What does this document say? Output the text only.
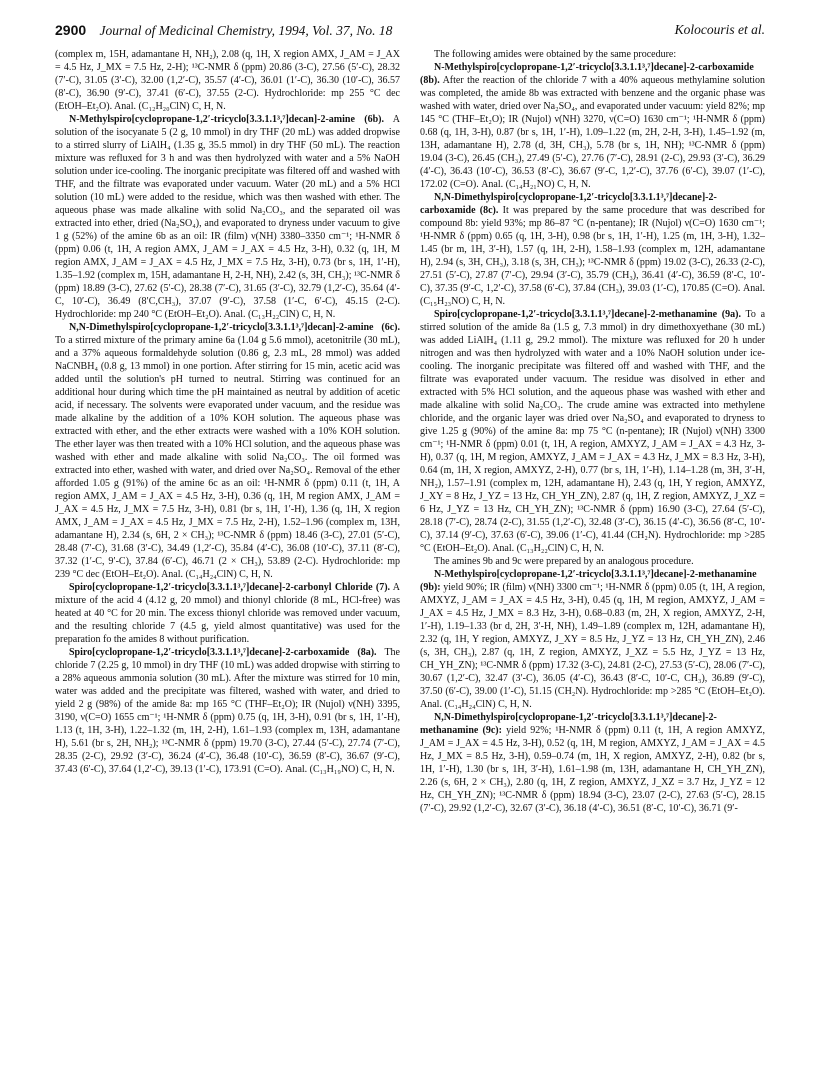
2900 Journal of Medicinal Chemistry, 1994, Vol. 37, No. 18	Kolocouris et al.

(complex m, 15H, adamantane H, NH₂), 2.08 (q, 1H, X region AMX, J_AM = J_AX = 4.5 Hz, J_MX = 7.5 Hz, 2-H); ¹³C-NMR δ (ppm) 20.86 (3-C), 27.56 (5′-C), 28.32 (7′-C), 31.05 (3′-C), 32.00 (1,2′-C), 35.57 (4′-C), 36.01 (1′-C), 36.30 (10′-C), 36.57 (8′-C), 36.90 (9′-C), 37.41 (6′-C), 37.55 (2-C). Hydrochloride: mp 255 °C dec (EtOH–Et₂O). Anal. (C₁₂H₂₀ClN) C, H, N.

N-Methylspiro[cyclopropane-1,2′-tricyclo[3.3.1.1³,⁷]decan]-2-amine (6b). A solution of the isocyanate 5 (2 g, 10 mmol) in dry THF (20 mL) was added dropwise to a stirred slurry of LiAlH₄ (1.35 g, 35.5 mmol) in dry THF (50 mL). The reaction mixture was refluxed for 3 h and was then hydrolyzed with water and a 5% NaOH solution under ice-cooling. The inorganic precipitate was filtered off and washed with THF, and the filtrate was evaporated under vacuum. Water (20 mL) and a 5% HCl solution (10 mL) were added to the residue, which was then washed with ether. The aqueous phase was made alkaline with solid Na₂CO₃, and the separated oil was extracted into ether, dried (Na₂SO₄), and evaporated to dryness under vacuum to give 1 g (52%) of the amine 6b as an oil: IR (film) ν(NH) 3380–3350 cm⁻¹; ¹H-NMR δ (ppm) 0.06 (t, 1H, A region AMX, J_AM = J_AX = 4.5 Hz, 3-H), 0.32 (q, 1H, M region AMX, J_AM = J_AX = 4.5 Hz, J_MX = 7.5 Hz, 3-H), 0.73 (br s, 1H, 1′-H), 1.35–1.92 (complex m, 15H, adamantane H, 2-H, NH), 2.42 (s, 3H, CH₃); ¹³C-NMR δ (ppm) 18.89 (3-C), 27.62 (5′-C), 28.38 (7′-C), 31.65 (3′-C), 32.79 (1,2′-C), 35.64 (4′-C, 10′-C), 36.49 (8′C,CH₃), 37.07 (9′-C), 37.58 (1′-C, 6′-C), 45.15 (2-C). Hydrochloride: mp 240 °C (EtOH–Et₂O). Anal. (C₁₃H₂₂ClN) C, H, N.

N,N-Dimethylspiro[cyclopropane-1,2′-tricyclo[3.3.1.1³,⁷]decan]-2-amine (6c). To a stirred mixture of the primary amine 6a (1.04 g 5.6 mmol), acetonitrile (30 mL), and a 37% aqueous formaldehyde solution (0.86 g, 2.3 mL, 28 mmol) was added NaCNBH₄ (0.8 g, 13 mmol) in one portion. After stirring for 15 min, acetic acid was added until the solution's pH turned to neutral. Stirring was continued for an additional hour during which time the pH maintained as neutral by addition of acetic acid, if necessary. The solvents were evaporated under vacuum, and the residue was made alkaline by the addition of a 10% KOH solution. The aqueous phase was extracted with ether, and the ether extracts were washed with a 10% KOH solution. The ether layer was then treated with a 10% HCl solution, and the aqueous phase was washed with ether and made alkaline with solid Na₂CO₃. The oil formed was extracted into ether, washed with water, and dried over Na₂SO₄. Removal of the ether afforded 1.05 g (91%) of the amine 6c as an oil: ¹H-NMR δ (ppm) 0.11 (t, 1H, A region AMX, J_AM = J_AX = 4.5 Hz, 3-H), 0.36 (q, 1H, M region AMX, J_AM = J_AX = 4.5 Hz, J_MX = 7.5 Hz, 3-H), 0.81 (br s, 1H, 1′-H), 1.36 (q, 1H, X region AMX, J_AM = J_AX = 4.5 Hz, J_MX = 7.5 Hz, 2-H), 1.52–1.96 (complex m, 13H, adamantane H), 2.34 (s, 6H, 2 × CH₃); ¹³C-NMR δ (ppm) 18.46 (3-C), 27.01 (5′-C), 28.48 (7′-C), 31.68 (3′-C), 34.49 (1,2′-C), 35.84 (4′-C), 36.08 (10′-C), 37.11 (8′-C), 37.32 (1′-C, 9′-C), 37.84 (6′-C), 46.71 (2 × CH₃), 53.89 (2-C). Hydrochloride: mp 239 °C dec (EtOH–Et₂O). Anal. (C₁₄H₂₄ClN) C, H, N.

Spiro[cyclopropane-1,2′-tricyclo[3.3.1.1³,⁷]decane]-2-carbonyl Chloride (7). A mixture of the acid 4 (4.12 g, 20 mmol) and thionyl chloride (8 mL, HCl-free) was heated at 40 °C for 20 min. The excess thionyl chloride was removed under vacuum, and the resulting chloride 7 (4.5 g, yield almost quantitative) was used for the preparation fo the amides 8 without purification.

Spiro[cyclopropane-1,2′-tricyclo[3.3.1.1³,⁷]decane]-2-carboxamide (8a). The chloride 7 (2.25 g, 10 mmol) in dry THF (10 mL) was added dropwise with stirring to a 28% aqueous ammonia solution (30 mL). After the mixture was stirred for 10 min, water was added and the precipitate was filtered, washed with water, and dried to yield 2 g (98%) of the amide 8a: mp 165 °C (THF–Et₂O); IR (Nujol) ν(NH) 3395, 3190, ν(C=O) 1655 cm⁻¹; ¹H-NMR δ (ppm) 0.75 (q, 1H, 3-H), 0.91 (br s, 1H, 1′-H), 1.13 (t, 1H, 3-H), 1.22–1.32 (m, 1H, 2-H), 1.61–1.93 (complex m, 13H, adamantane H), 5.61 (br s, 2H, NH₂); ¹³C-NMR δ (ppm) 19.70 (3-C), 27.44 (5′-C), 27.74 (7′-C), 28.35 (2-C), 29.92 (3′-C), 36.24 (4′-C), 36.48 (10′-C), 36.59 (8′-C), 36.67 (9′-C), 37.43 (6′-C), 37.64 (1,2′-C), 39.13 (1′-C), 173.91 (C=O). Anal. (C₁₃H₁₉NO) C, H, N.

The following amides were obtained by the same procedure:

N-Methylspiro[cyclopropane-1,2′-tricyclo[3.3.1.1³,⁷]decane]-2-carboxamide (8b). After the reaction of the chloride 7 with a 40% aqueous methylamine solution was completed, the amide 8b was extracted with benzene and the organic phase was washed with water, dried over Na₂SO₄, and evaporated under vacuum: yield 82%; mp 145 °C (THF–Et₂O); IR (Nujol) ν(NH) 3270, ν(C=O) 1630 cm⁻¹; ¹H-NMR δ (ppm) 0.68 (q, 1H, 3-H), 0.87 (br s, 1H, 1′-H), 1.09–1.22 (m, 2H, 2-H, 3-H), 1.45–1.92 (m, 13H, adamantane H), 2.78 (d, 3H, CH₃), 5.78 (br s, 1H, NH); ¹³C-NMR δ (ppm) 19.04 (3-C), 26.45 (CH₃), 27.49 (5′-C), 27.76 (7′-C), 28.91 (2-C), 29.93 (3′-C), 36.29 (4′-C), 36.43 (10′-C), 36.53 (8′-C), 36.67 (9′-C, 1,2′-C), 37.76 (6′-C), 39.07 (1′-C), 172.02 (C=O). Anal. (C₁₄H₂₁NO) C, H, N.

N,N-Dimethylspiro[cyclopropane-1,2′-tricyclo[3.3.1.1³,⁷]decane]-2-carboxamide (8c). It was prepared by the same procedure that was described for compound 8b: yield 93%; mp 86–87 °C (n-pentane); IR (Nujol) ν(C=O) 1630 cm⁻¹; ¹H-NMR δ (ppm) 0.65 (q, 1H, 3-H), 0.98 (br s, 1H, 1′-H), 1.25 (m, 1H, 3-H), 1.32–1.45 (br m, 1H, 3′-H), 1.57 (q, 1H, 2-H), 1.58–1.93 (complex m, 12H, adamantane H), 2.94 (s, 3H, CH₃), 3.18 (s, 3H, CH₃); ¹³C-NMR δ (ppm) 19.02 (3-C), 26.33 (2-C), 27.51 (5′-C), 27.87 (7′-C), 29.94 (3′-C), 35.79 (CH₃), 36.41 (4′-C), 36.59 (8′-C, 10′-C), 37.35 (9′-C, 1,2′-C), 37.58 (6′-C), 37.84 (CH₃), 39.03 (1′-C), 170.85 (C=O). Anal. (C₁₅H₂₃NO) C, H, N.

Spiro[cyclopropane-1,2′-tricyclo[3.3.1.1³,⁷]decane]-2-methanamine (9a). To a stirred solution of the amide 8a (1.5 g, 7.3 mmol) in dry dimethoxyethane (30 mL) was added LiAlH₄ (1.11 g, 29.2 mmol). The mixture was refluxed for 20 h under nitrogen and was then hydrolyzed with water and a 10% NaOH solution under ice-cooling. The inorganic precipitate was filtered off and washed with THF, and the filtrate was evaporated under vacuum. The residue was disolved in ether and extracted with 5% HCl solution, and the aqueous phase was washed with ether and made alkaline with solid Na₂CO₃. The crude amine was extracted into methylene chloride, and the organic layer was dried over Na₂SO₄ and evaporated to dryness to give 1.25 g (90%) of the amine 8a: mp 75 °C (n-pentane); IR (Nujol) ν(NH) 3300 cm⁻¹; ¹H-NMR δ (ppm) 0.01 (t, 1H, A region, AMXYZ, J_AM = J_AX = 4.3 Hz, 3-H), 0.37 (q, 1H, M region, AMXYZ, J_AM = J_AX = 4.3 Hz, J_MX = 8.3 Hz, 3-H), 0.64 (m, 1H, X region, AMXYZ, 2-H), 0.77 (br s, 1H, 1′-H), 1.14–1.28 (m, 3H, 3′-H, NH₂), 1.57–1.91 (complex m, 12H, adamantane H), 2.43 (q, 1H, Y region, AMXYZ, J_XY = 8 Hz, J_YZ = 13 Hz, CH_YH_ZN), 2.87 (q, 1H, Z region, AMXYZ, J_XZ = 6 Hz, J_YZ = 13 Hz, CH_YH_ZN); ¹³C-NMR δ (ppm) 16.90 (3-C), 27.64 (5′-C), 28.18 (7′-C), 28.74 (2-C), 31.55 (1,2′-C), 32.48 (3′-C), 36.15 (4′-C), 36.56 (8′-C, 10′-C), 37.14 (9′-C), 37.63 (6′-C), 39.06 (1′-C), 41.44 (CH₂N). Hydrochloride: mp >285 °C (EtOH–Et₂O). Anal. (C₁₃H₂₂ClN) C, H, N.

The amines 9b and 9c were prepared by an analogous procedure.

N-Methylspiro[cyclopropane-1,2′-tricyclo[3.3.1.1³,⁷]decane]-2-methanamine (9b): yield 90%; IR (film) ν(NH) 3300 cm⁻¹; ¹H-NMR δ (ppm) 0.05 (t, 1H, A region, AMXYZ, J_AM = J_AX = 4.5 Hz, 3-H), 0.45 (q, 1H, M region, AMXYZ, J_AM = J_AX = 4.5 Hz, J_MX = 8.3 Hz, 3-H), 0.68–0.83 (m, 2H, X region, AMXYZ, 2-H, 1′-H), 1.19–1.33 (br d, 2H, 3′-H, NH), 1.49–1.89 (complex m, 12H, adamantane H), 2.32 (q, 1H, Y region, AMXYZ, J_XY = 8.5 Hz, J_YZ = 13 Hz, CH_YH_ZN), 2.46 (s, 3H, CH₃), 2.87 (q, 1H, Z region, AMXYZ, J_XZ = 5.5 Hz, J_YZ = 13 Hz, CH_YH_ZN); ¹³C-NMR δ (ppm) 17.32 (3-C), 24.81 (2-C), 27.53 (5′-C), 28.06 (7′-C), 30.67 (1,2′-C), 32.47 (3′-C), 36.05 (4′-C), 36.43 (8′-C, 10′-C, CH₃), 36.89 (9′-C), 37.50 (6′-C), 39.00 (1′-C), 51.15 (CH₂N). Hydrochloride: mp >285 °C (EtOH–Et₂O). Anal. (C₁₄H₂₄ClN) C, H, N.

N,N-Dimethylspiro[cyclopropane-1,2′-tricyclo[3.3.1.1³,⁷]decane]-2-methanamine (9c): yield 92%; ¹H-NMR δ (ppm) 0.11 (t, 1H, A region AMXYZ, J_AM = J_AX = 4.5 Hz, 3-H), 0.52 (q, 1H, M region, AMXYZ, J_AM = J_AX = 4.5 Hz, J_MX = 8.5 Hz, 3-H), 0.59–0.74 (m, 1H, X region, AMXYZ, 2-H), 0.82 (br s, 1H, 1′-H), 1.30 (br s, 1H, 3′-H), 1.61–1.98 (m, 13H, adamantane H, CH_YH_ZN), 2.26 (s, 6H, 2 × CH₃), 2.80 (q, 1H, Z region, AMXYZ, J_XZ = 3.7 Hz, J_YZ = 12 Hz, CH_YH_ZN); ¹³C-NMR δ (ppm) 18.94 (3-C), 23.07 (2-C), 27.63 (5′-C), 28.15 (7′-C), 29.92 (1,2′-C), 32.67 (3′-C), 36.18 (4′-C), 36.51 (8′-C, 10′-C), 36.71 (9′-
